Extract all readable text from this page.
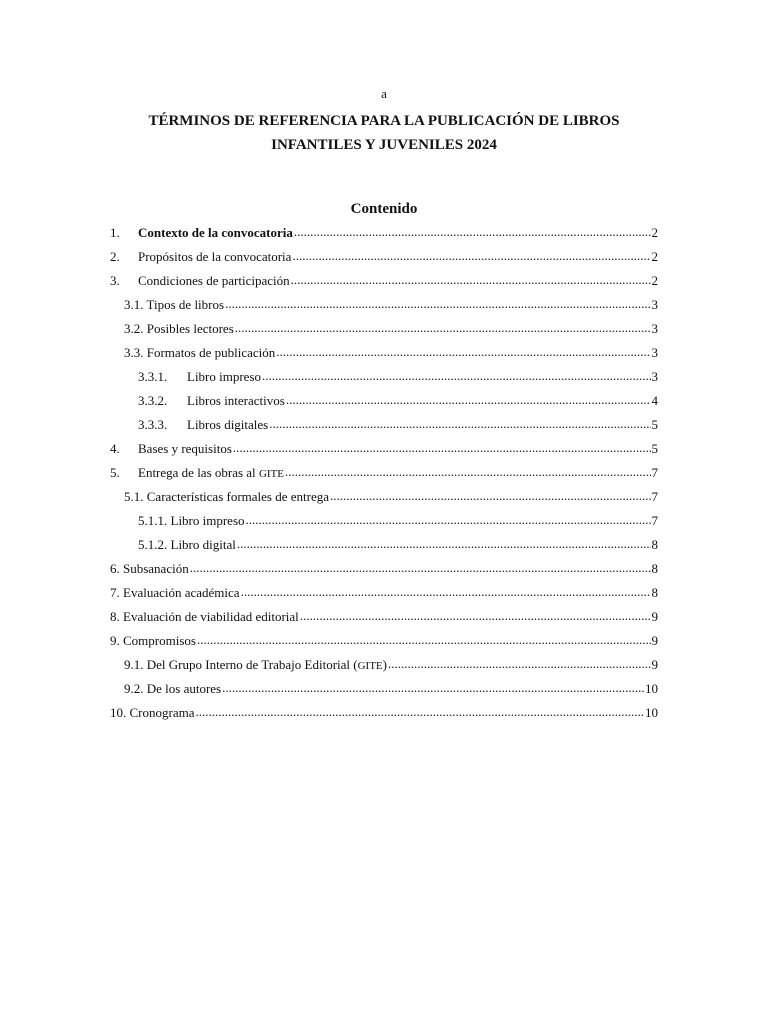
a
TÉRMINOS DE REFERENCIA PARA LA PUBLICACIÓN DE LIBROS
INFANTILES Y JUVENILES 2024
Contenido
1.	Contexto de la convocatoria .....	2
2.	Propósitos de la convocatoria .....	2
3.	Condiciones de participación .....	2
3.1. Tipos de libros .....	3
3.2. Posibles lectores .....	3
3.3. Formatos de publicación .....	3
3.3.1.	Libro impreso .....	3
3.3.2.	Libros interactivos .....	4
3.3.3.	Libros digitales .....	5
4.	Bases y requisitos .....	5
5.	Entrega de las obras al GITE .....	7
5.1. Características formales de entrega .....	7
5.1.1. Libro impreso .....	7
5.1.2. Libro digital .....	8
6. Subsanación .....	8
7. Evaluación académica .....	8
8. Evaluación de viabilidad editorial .....	9
9. Compromisos .....	9
9.1. Del Grupo Interno de Trabajo Editorial (GITE) .....	9
9.2. De los autores .....	10
10. Cronograma .....	10
